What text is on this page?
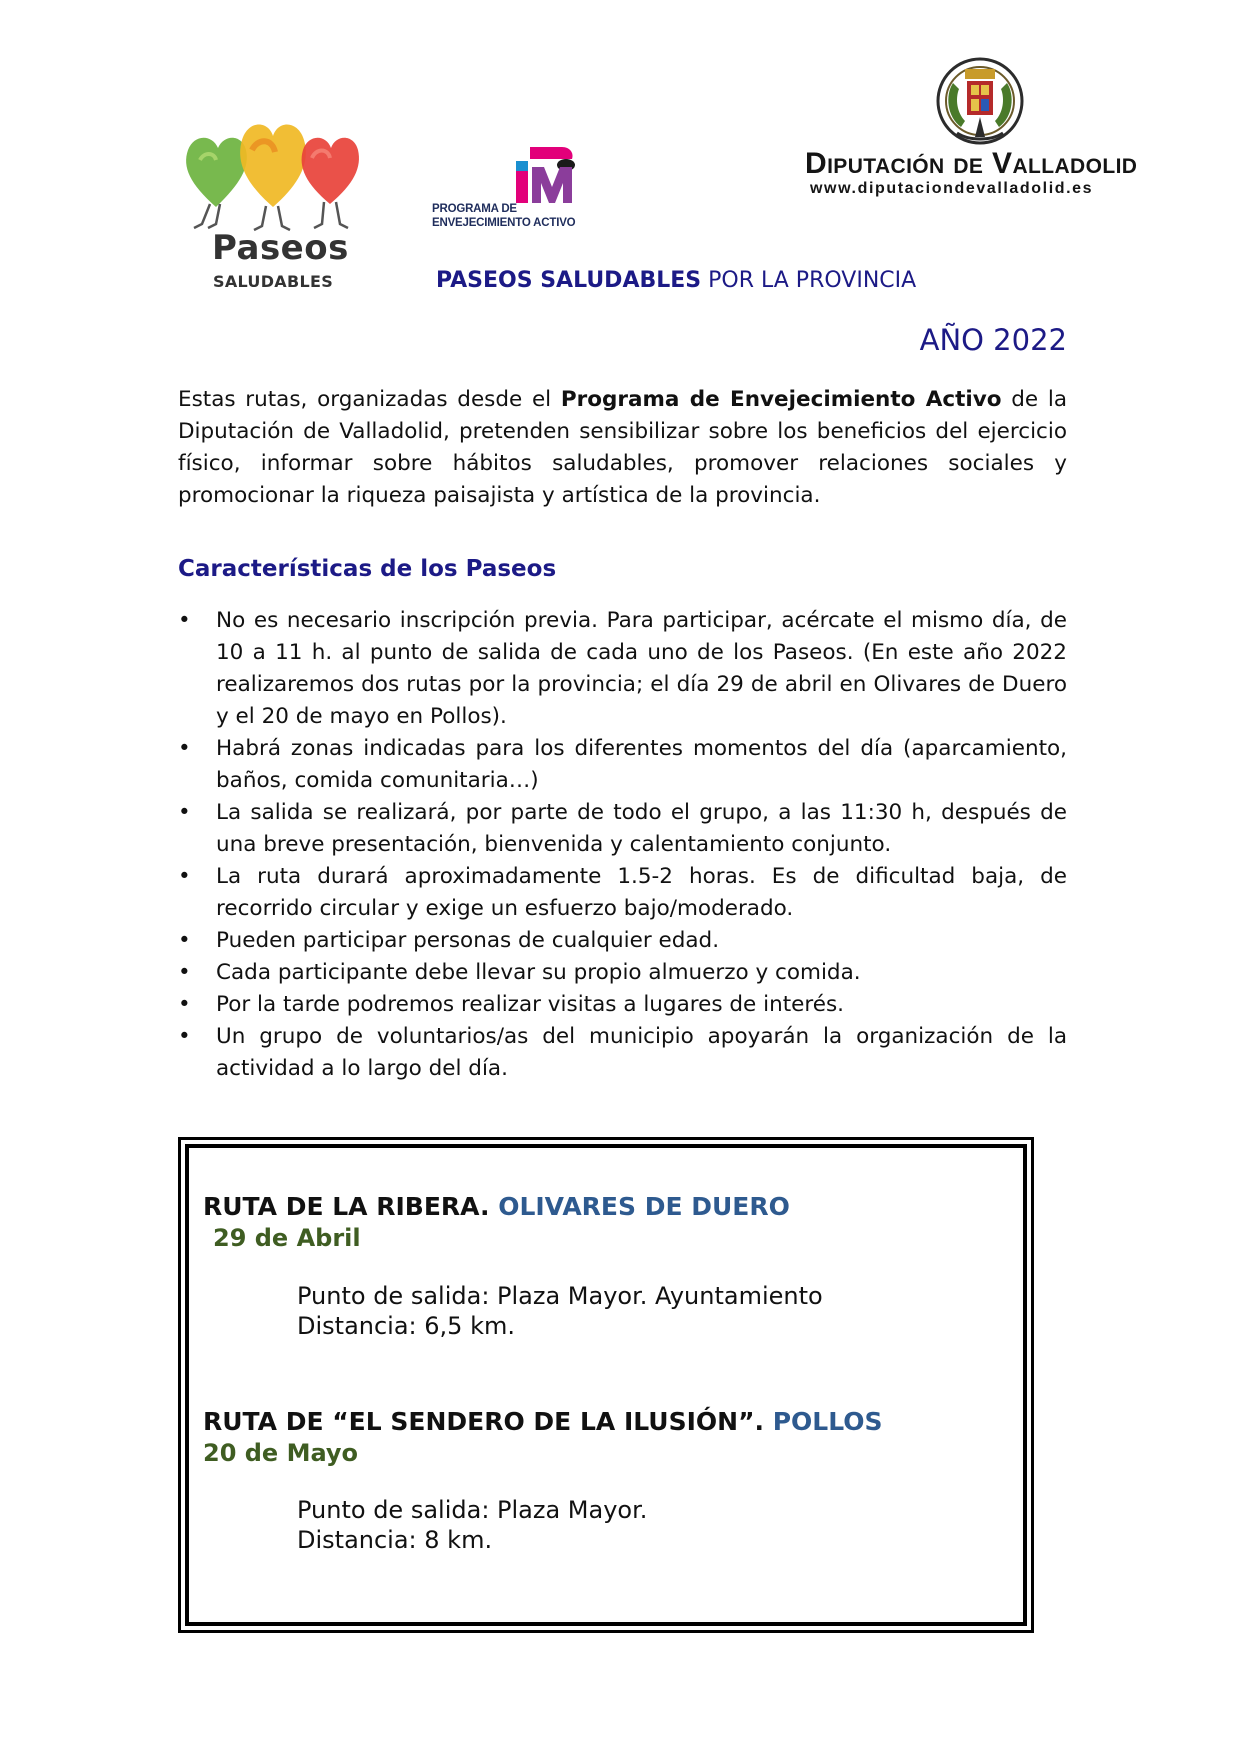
Paseos
SALUDABLES
PROGRAMA DE
ENVEJECIMIENTO ACTIVO
Diputación de Valladolid
www.diputaciondevalladolid.es
PASEOS SALUDABLES POR LA PROVINCIA
AÑO 2022
Estas rutas, organizadas desde el Programa de Envejecimiento Activo de la Diputación de Valladolid, pretenden sensibilizar sobre los beneficios del ejercicio físico, informar sobre hábitos saludables, promover relaciones sociales y promocionar la riqueza paisajista y artística de la provincia.
Características de los Paseos
•	No es necesario inscripción previa. Para participar, acércate el mismo día, de 10 a 11 h. al punto de salida de cada uno de los Paseos. (En este año 2022 realizaremos dos rutas por la provincia; el día 29 de abril en Olivares de Duero y el 20 de mayo en Pollos).
•	Habrá zonas indicadas para los diferentes momentos del día (aparcamiento, baños, comida comunitaria…)
•	La salida se realizará, por parte de todo el grupo, a las 11:30 h, después de una breve presentación, bienvenida y calentamiento conjunto.
•	La ruta durará aproximadamente 1.5-2 horas. Es de dificultad baja, de recorrido circular y exige un esfuerzo bajo/moderado.
•	Pueden participar personas de cualquier edad.
•	Cada participante debe llevar su propio almuerzo y comida.
•	Por la tarde podremos realizar visitas a lugares de interés.
•	Un grupo de voluntarios/as del municipio apoyarán la organización de la actividad a lo largo del día.
RUTA DE LA RIBERA. OLIVARES DE DUERO
29 de Abril
Punto de salida: Plaza Mayor. Ayuntamiento
Distancia: 6,5 km.
RUTA DE “EL SENDERO DE LA ILUSIÓN”. POLLOS
20 de Mayo
Punto de salida: Plaza Mayor.
Distancia: 8 km.
